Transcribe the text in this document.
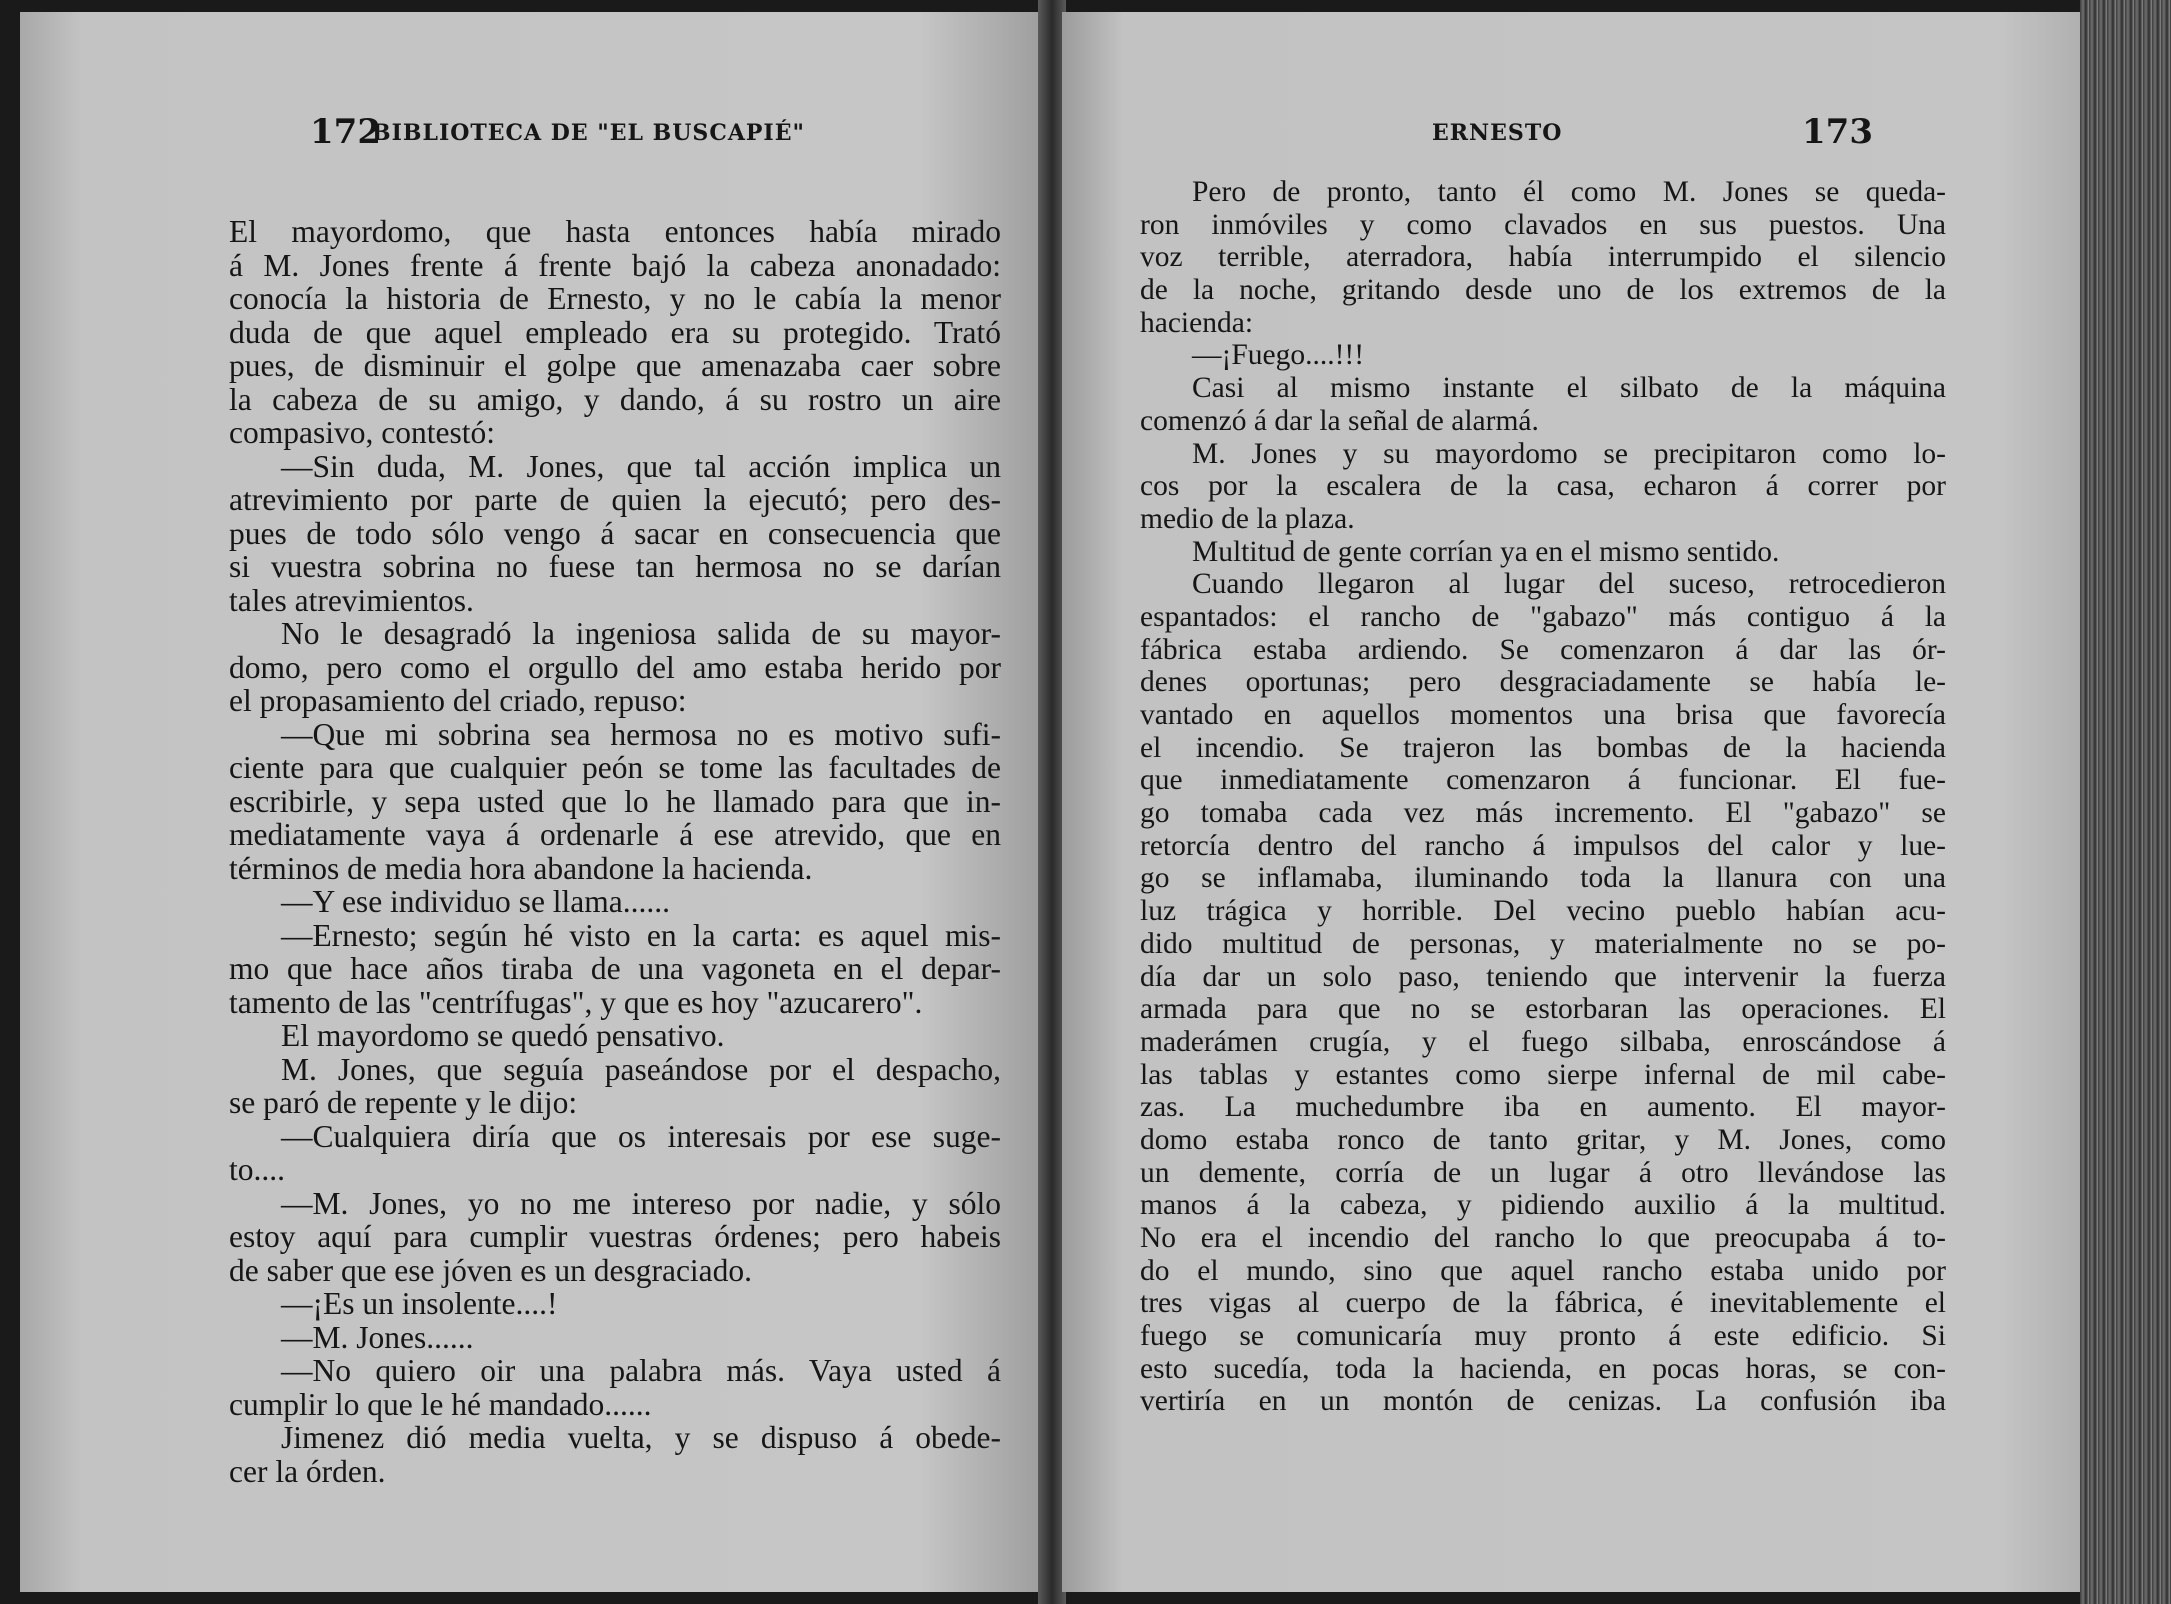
172
BIBLIOTECA DE "EL BUSCAPIÉ"
El mayordomo, que hasta entonces había mirado
á M. Jones frente á frente bajó la cabeza anonadado:
conocía la historia de Ernesto, y no le cabía la menor
duda de que aquel empleado era su protegido. Trató
pues, de disminuir el golpe que amenazaba caer sobre
la cabeza de su amigo, y dando, á su rostro un aire
compasivo, contestó:
—Sin duda, M. Jones, que tal acción implica un
atrevimiento por parte de quien la ejecutó; pero des-
pues de todo sólo vengo á sacar en consecuencia que
si vuestra sobrina no fuese tan hermosa no se darían
tales atrevimientos.
No le desagradó la ingeniosa salida de su mayor-
domo, pero como el orgullo del amo estaba herido por
el propasamiento del criado, repuso:
—Que mi sobrina sea hermosa no es motivo sufi-
ciente para que cualquier peón se tome las facultades de
escribirle, y sepa usted que lo he llamado para que in-
mediatamente vaya á ordenarle á ese atrevido, que en
términos de media hora abandone la hacienda.
—Y ese individuo se llama......
—Ernesto; según hé visto en la carta: es aquel mis-
mo que hace años tiraba de una vagoneta en el depar-
tamento de las "centrífugas", y que es hoy "azucarero".
El mayordomo se quedó pensativo.
M. Jones, que seguía paseándose por el despacho,
se paró de repente y le dijo:
—Cualquiera diría que os interesais por ese suge-
to....
—M. Jones, yo no me intereso por nadie, y sólo
estoy aquí para cumplir vuestras órdenes; pero habeis
de saber que ese jóven es un desgraciado.
—¡Es un insolente....!
—M. Jones......
—No quiero oir una palabra más. Vaya usted á
cumplir lo que le hé mandado......
Jimenez dió media vuelta, y se dispuso á obede-
cer la órden.
ERNESTO	173
Pero de pronto, tanto él como M. Jones se queda-
ron inmóviles y como clavados en sus puestos. Una
voz terrible, aterradora, había interrumpido el silencio
de la noche, gritando desde uno de los extremos de la
hacienda:
—¡Fuego....!!!
Casi al mismo instante el silbato de la máquina
comenzó á dar la señal de alarmá.
M. Jones y su mayordomo se precipitaron como lo-
cos por la escalera de la casa, echaron á correr por
medio de la plaza.
Multitud de gente corrían ya en el mismo sentido.
Cuando llegaron al lugar del suceso, retrocedieron
espantados: el rancho de "gabazo" más contiguo á la
fábrica estaba ardiendo. Se comenzaron á dar las ór-
denes oportunas; pero desgraciadamente se había le-
vantado en aquellos momentos una brisa que favorecía
el incendio. Se trajeron las bombas de la hacienda
que inmediatamente comenzaron á funcionar. El fue-
go tomaba cada vez más incremento. El "gabazo" se
retorcía dentro del rancho á impulsos del calor y lue-
go se inflamaba, iluminando toda la llanura con una
luz trágica y horrible. Del vecino pueblo habían acu-
dido multitud de personas, y materialmente no se po-
día dar un solo paso, teniendo que intervenir la fuerza
armada para que no se estorbaran las operaciones. El
maderámen crugía, y el fuego silbaba, enroscándose á
las tablas y estantes como sierpe infernal de mil cabe-
zas. La muchedumbre iba en aumento. El mayor-
domo estaba ronco de tanto gritar, y M. Jones, como
un demente, corría de un lugar á otro llevándose las
manos á la cabeza, y pidiendo auxilio á la multitud.
No era el incendio del rancho lo que preocupaba á to-
do el mundo, sino que aquel rancho estaba unido por
tres vigas al cuerpo de la fábrica, é inevitablemente el
fuego se comunicaría muy pronto á este edificio. Si
esto sucedía, toda la hacienda, en pocas horas, se con-
vertiría en un montón de cenizas. La confusión iba
